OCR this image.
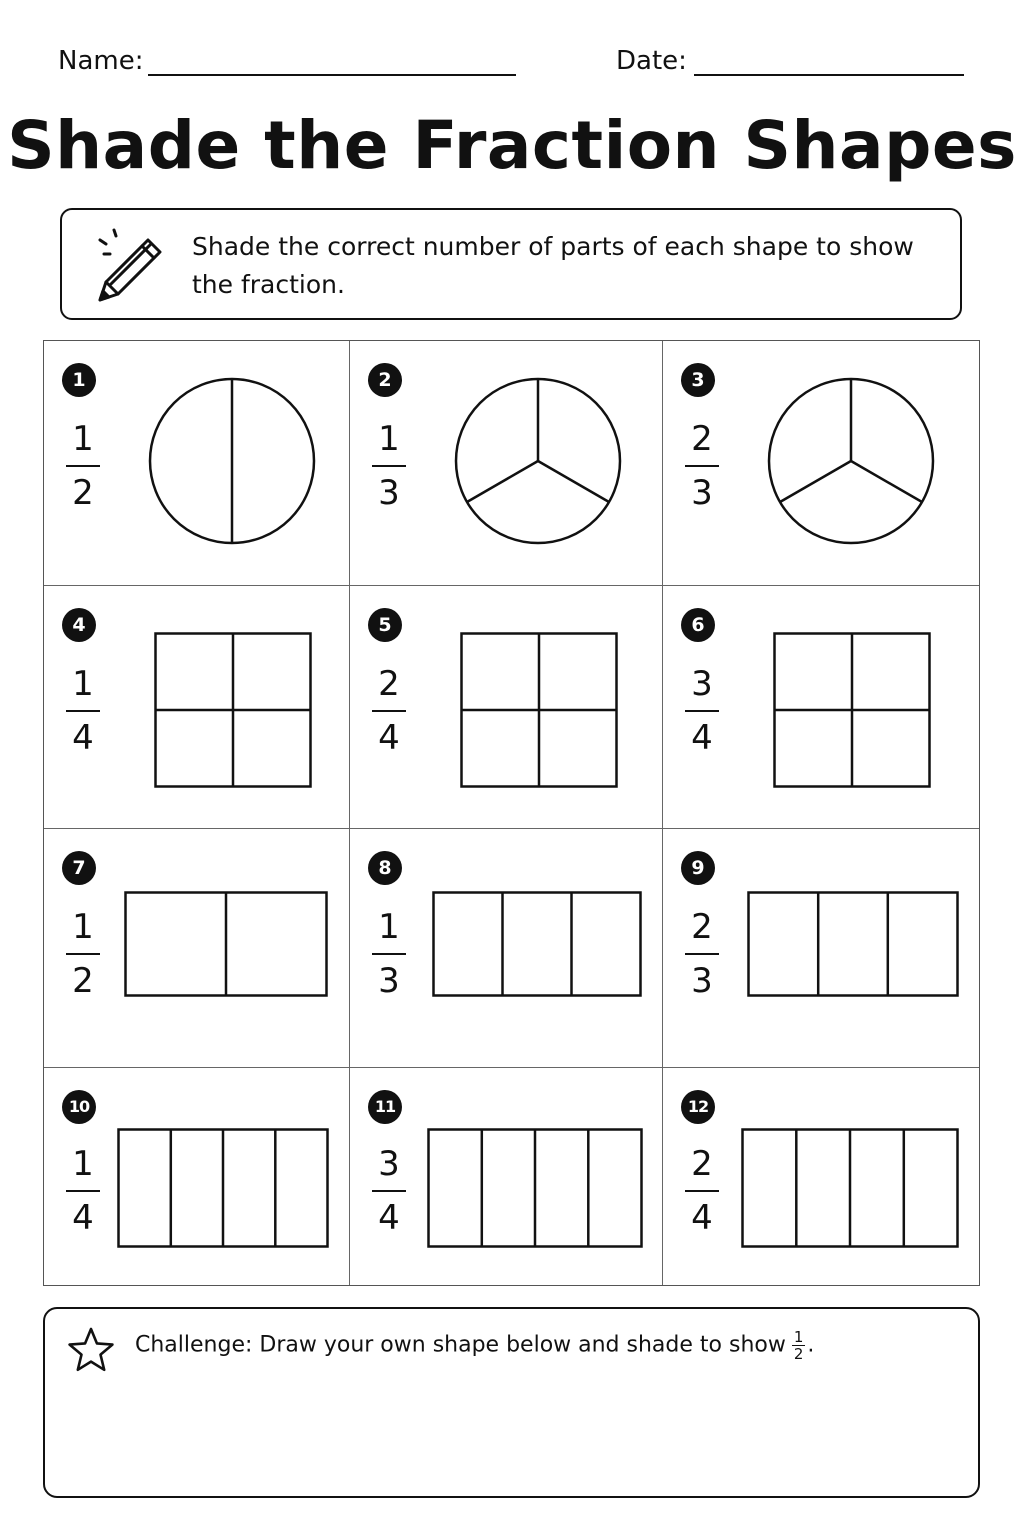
Name:	Date:
Shade the Fraction Shapes
Shade the correct number of parts of each shape to show the fraction.
1
$\frac{1}{2}$
2
$\frac{1}{3}$
3
$\frac{2}{3}$
4
$\frac{1}{4}$
5
$\frac{2}{4}$
6
$\frac{3}{4}$
7
$\frac{1}{2}$
8
$\frac{1}{3}$
9
$\frac{2}{3}$
10
$\frac{1}{4}$
11
$\frac{3}{4}$
12
$\frac{2}{4}$
Challenge: Draw your own shape below and shade to show $\frac{1}{2}$ .
